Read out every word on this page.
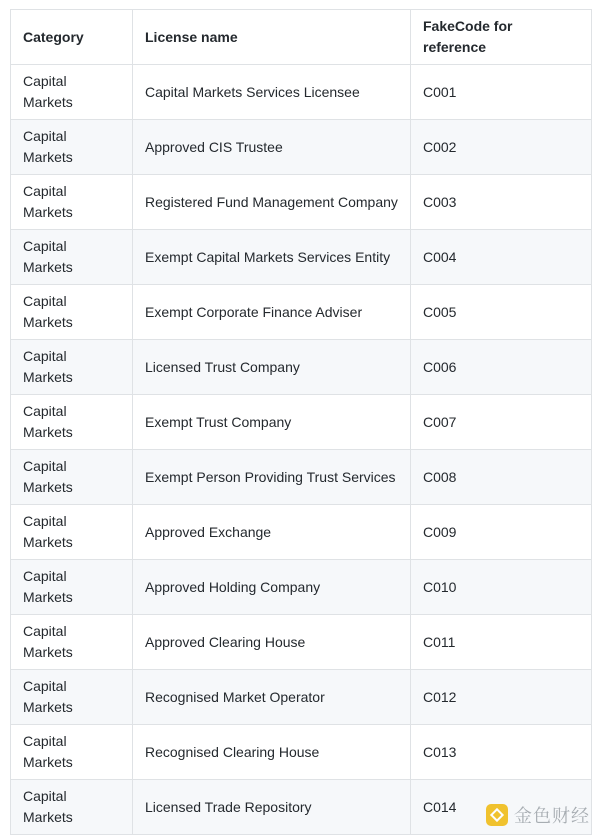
Category	License name	FakeCode for reference
Capital Markets	Capital Markets Services Licensee	C001
Capital Markets	Approved CIS Trustee	C002
Capital Markets	Registered Fund Management Company	C003
Capital Markets	Exempt Capital Markets Services Entity	C004
Capital Markets	Exempt Corporate Finance Adviser	C005
Capital Markets	Licensed Trust Company	C006
Capital Markets	Exempt Trust Company	C007
Capital Markets	Exempt Person Providing Trust Services	C008
Capital Markets	Approved Exchange	C009
Capital Markets	Approved Holding Company	C010
Capital Markets	Approved Clearing House	C011
Capital Markets	Recognised Market Operator	C012
Capital Markets	Recognised Clearing House	C013
Capital Markets	Licensed Trade Repository	C014	金色财经
